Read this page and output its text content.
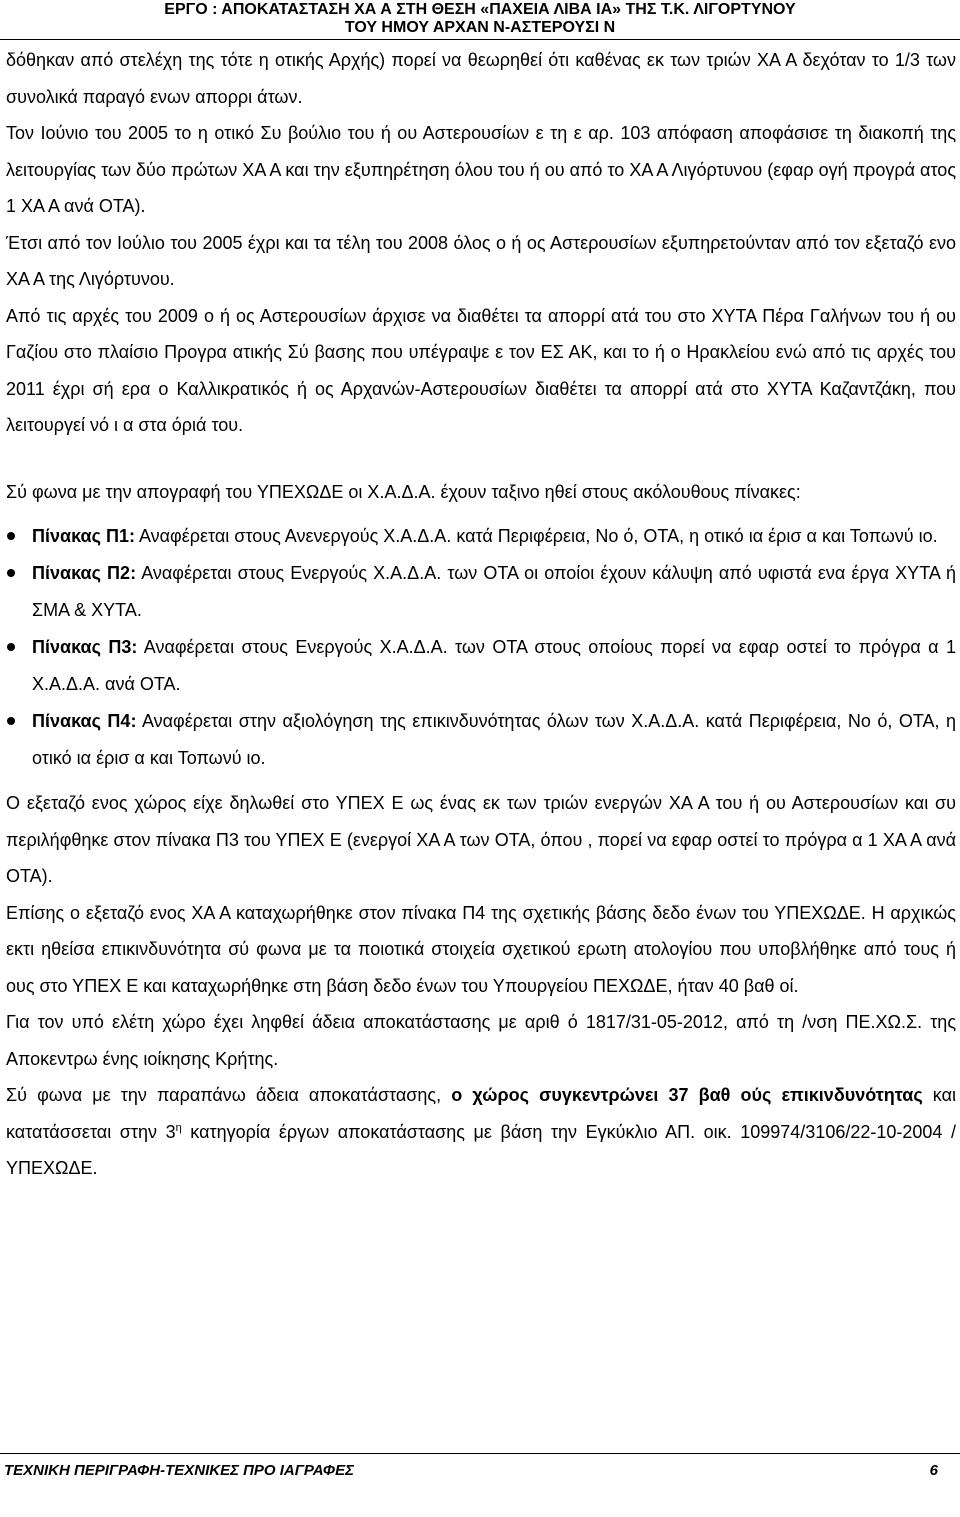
ΕΡΓΟ : ΑΠΟΚΑΤΑΣΤΑΣΗ ΧΑ Α ΣΤΗ ΘΕΣΗ «ΠΑΧΕΙΑ ΛΙΒΑ ΙΑ» ΤΗΣ Τ.Κ. ΛΙΓΟΡΤΥΝΟΥ
ΤΟΥ ΗΜΟΥ ΑΡΧΑΝ Ν-ΑΣΤΕΡΟΥΣΙ Ν

δόθηκαν από στελέχη της τότε η οτικής Αρχής) πορεί να θεωρηθεί ότι καθένας εκ των τριών ΧΑ Α δεχόταν το 1/3 των συνολικά παραγό ενων απορρι άτων.

Τον Ιούνιο του 2005 το η οτικό Συ βούλιο του ή ου Αστερουσίων ε τη ε αρ. 103 απόφαση αποφάσισε τη διακοπή της λειτουργίας των δύο πρώτων ΧΑ Α και την εξυπηρέτηση όλου του ή ου από το ΧΑ Α Λιγόρτυνου (εφαρ ογή προγρά ατος 1 ΧΑ Α ανά ΟΤΑ).

Έτσι από τον Ιούλιο του 2005 έχρι και τα τέλη του 2008 όλος ο ή ος Αστερουσίων εξυπηρετούνταν από τον εξεταζό ενο ΧΑ Α της Λιγόρτυνου.

Από τις αρχές του 2009 ο ή ος Αστερουσίων άρχισε να διαθέτει τα απορρί ατά του στο ΧΥΤΑ Πέρα Γαλήνων του ή ου Γαζίου στο πλαίσιο Προγρα ατικής Σύ βασης που υπέγραψε ε τον ΕΣ ΑΚ, και το ή ο Ηρακλείου ενώ από τις αρχές του 2011 έχρι σή ερα ο Καλλικρατικός ή ος Αρχανών-Αστερουσίων διαθέτει τα απορρί ατά στο ΧΥΤΑ Καζαντζάκη, που λειτουργεί νό ι α στα όριά του.

Σύ φωνα με την απογραφή του ΥΠΕΧΩΔΕ οι Χ.Α.Δ.Α. έχουν ταξινο ηθεί στους ακόλουθους πίνακες:

Πίνακας Π1: Αναφέρεται στους Ανενεργούς Χ.Α.Δ.Α. κατά Περιφέρεια, Νο ό, ΟΤΑ, η οτικό ια έρισ α και Τοπωνύ ιο.
Πίνακας Π2: Αναφέρεται στους Ενεργούς Χ.Α.Δ.Α. των ΟΤΑ οι οποίοι έχουν κάλυψη από υφιστά ενα έργα ΧΥΤΑ ή ΣΜΑ & ΧΥΤΑ.
Πίνακας Π3: Αναφέρεται στους Ενεργούς Χ.Α.Δ.Α. των ΟΤΑ στους οποίους πορεί να εφαρ οστεί το πρόγρα α 1 Χ.Α.Δ.Α. ανά ΟΤΑ.
Πίνακας Π4: Αναφέρεται στην αξιολόγηση της επικινδυνότητας όλων των Χ.Α.Δ.Α. κατά Περιφέρεια, Νο ό, ΟΤΑ, η οτικό ια έρισ α και Τοπωνύ ιο.

Ο εξεταζό ενος χώρος είχε δηλωθεί στο ΥΠΕΧ Ε ως ένας εκ των τριών ενεργών ΧΑ Α του ή ου Αστερουσίων και συ περιλήφθηκε στον πίνακα Π3 του ΥΠΕΧ Ε (ενεργοί ΧΑ Α των ΟΤΑ, όπου , πορεί να εφαρ οστεί το πρόγρα α 1 ΧΑ Α ανά ΟΤΑ).

Επίσης ο εξεταζό ενος ΧΑ Α καταχωρήθηκε στον πίνακα Π4 της σχετικής βάσης δεδο ένων του ΥΠΕΧΩΔΕ. Η αρχικώς εκτι ηθείσα επικινδυνότητα σύ φωνα με τα ποιοτικά στοιχεία σχετικού ερωτη ατολογίου που υποβλήθηκε από τους ή ους στο ΥΠΕΧ Ε και καταχωρήθηκε στη βάση δεδο ένων του Υπουργείου ΠΕΧΩΔΕ, ήταν 40 βαθ οί.

Για τον υπό ελέτη χώρο έχει ληφθεί άδεια αποκατάστασης με αριθ ό 1817/31-05-2012, από τη /νση ΠΕ.ΧΩ.Σ. της Αποκεντρω ένης ιοίκησης Κρήτης.

Σύ φωνα με την παραπάνω άδεια αποκατάστασης, ο χώρος συγκεντρώνει 37 βαθ ούς επικινδυνότητας και κατατάσσεται στην $3^\eta$ κατηγορία έργων αποκατάστασης με βάση την Εγκύκλιο ΑΠ. οικ. 109974/3106/22-10-2004 /ΥΠΕΧΩΔΕ.

ΤΕΧΝΙΚΗ ΠΕΡΙΓΡΑΦΗ-ΤΕΧΝΙΚΕΣ ΠΡΟ ΙΑΓΡΑΦΕΣ	6
